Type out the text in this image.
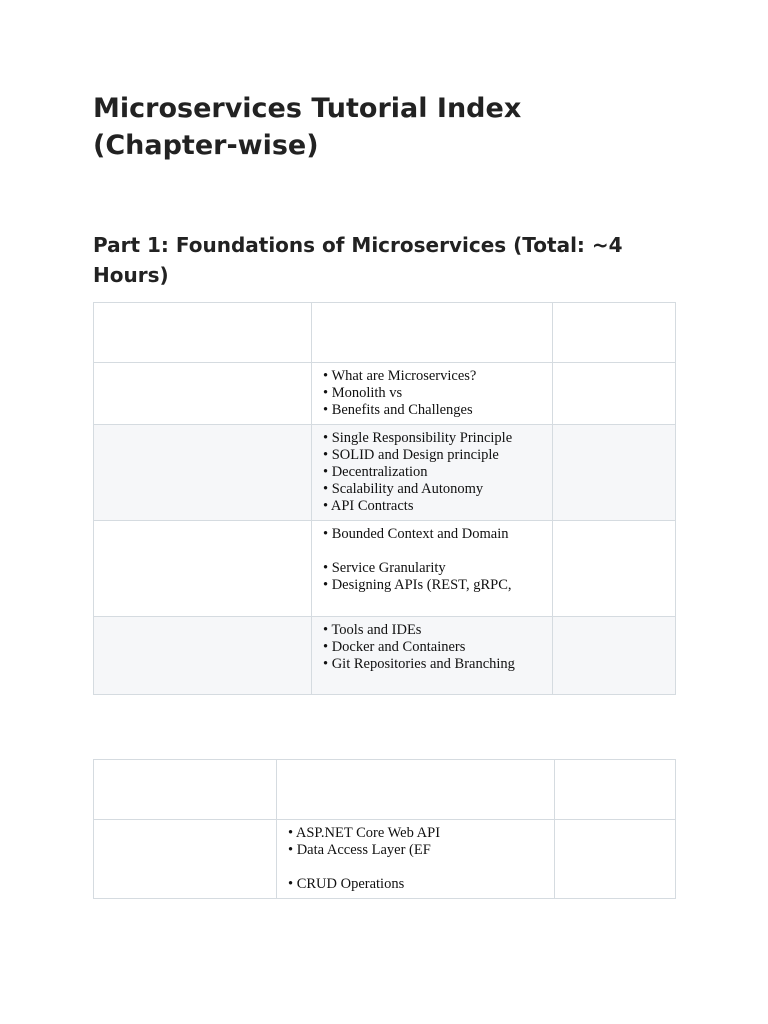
Microservices Tutorial Index (Chapter-wise)
Part 1: Foundations of Microservices (Total: ~4 Hours)

	• What are Microservices?
• Monolith vs
• Benefits and Challenges	

	• Single Responsibility Principle
• SOLID and Design principle
• Decentralization
• Scalability and Autonomy
• API Contracts	

	• Bounded Context and Domain
• Service Granularity
• Designing APIs (REST, gRPC,	

	• Tools and IDEs
• Docker and Containers
• Git Repositories and Branching	

	• ASP.NET Core Web API
• Data Access Layer (EF
• CRUD Operations	
